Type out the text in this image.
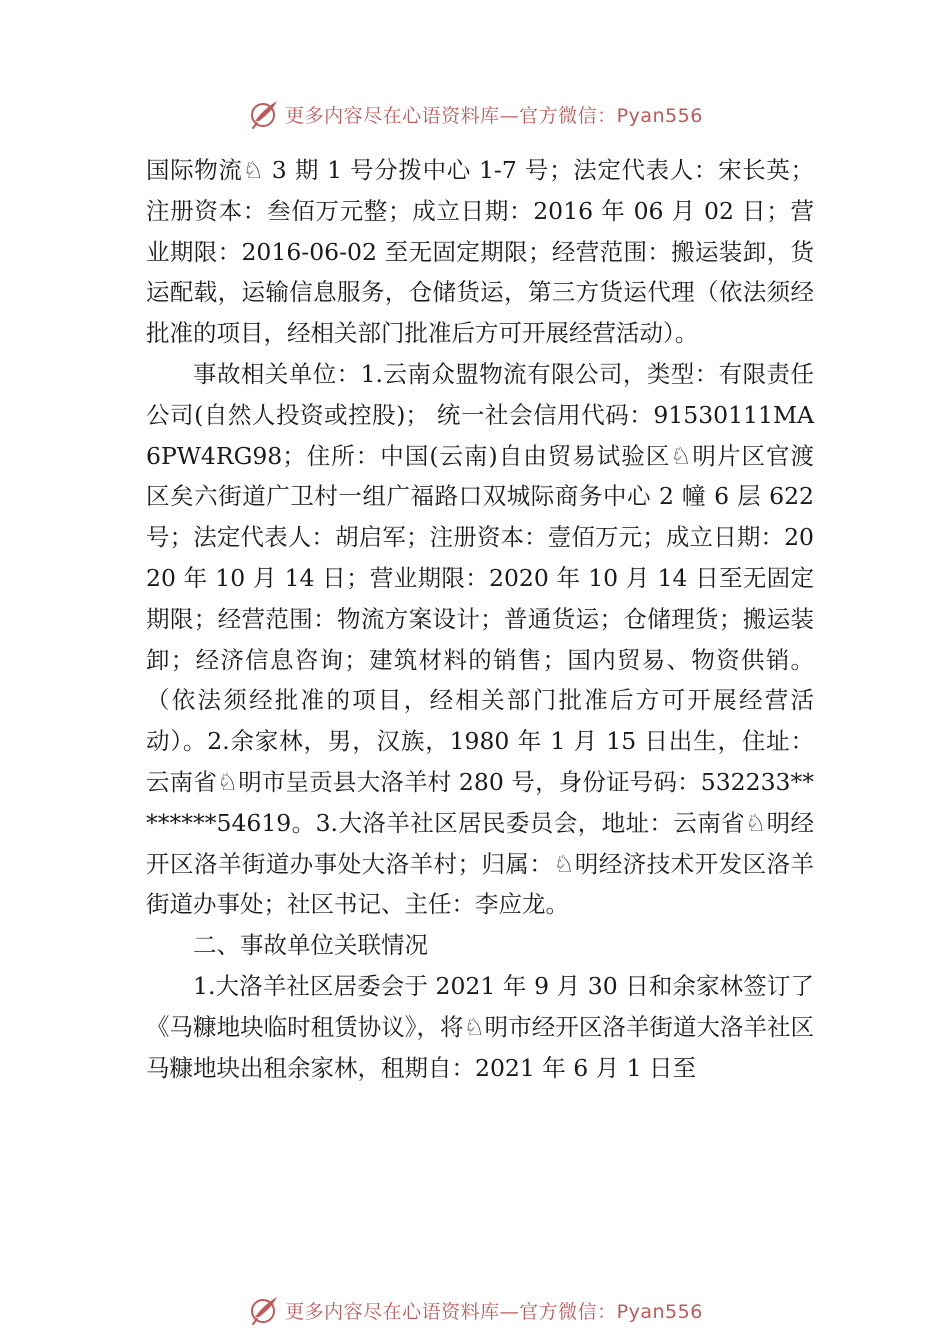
更多内容尽在心语资料库—官方微信：Pyan556

国际物流♘ 3 期 1 号分拨中心 1-7 号；法定代表人：宋长英；注册资本：叁佰万元整；成立日期：2016 年 06 月 02 日；营业期限：2016-06-02 至无固定期限；经营范围：搬运装卸，货运配载，运输信息服务，仓储货运，第三方货运代理（依法须经批准的项目，经相关部门批准后方可开展经营活动）。

事故相关单位：1.云南众盟物流有限公司，类型：有限责任公司(自然人投资或控股)； 统一社会信用代码：91530111MA6PW4RG98；住所：中国(云南)自由贸易试验区♘明片区官渡区矣六街道广卫村一组广福路口双城际商务中心 2 幢 6 层 622 号；法定代表人：胡启军；注册资本：壹佰万元；成立日期：2020 年 10 月 14 日；营业期限：2020 年 10 月 14 日至无固定期限；经营范围：物流方案设计；普通货运；仓储理货；搬运装卸；经济信息咨询；建筑材料的销售；国内贸易、物资供销。（依法须经批准的项目，经相关部门批准后方可开展经营活动）。2.余家林，男，汉族，1980 年 1 月 15 日出生，住址：云南省♘明市呈贡县大洛羊村 280 号，身份证号码：532233********54619。3.大洛羊社区居民委员会，地址：云南省♘明经开区洛羊街道办事处大洛羊村；归属：♘明经济技术开发区洛羊街道办事处；社区书记、主任：李应龙。

二、事故单位关联情况

1.大洛羊社区居委会于 2021 年 9 月 30 日和余家林签订了《马糠地块临时租赁协议》，将♘明市经开区洛羊街道大洛羊社区马糠地块出租余家林，租期自：2021 年 6 月 1 日至

更多内容尽在心语资料库—官方微信：Pyan556
